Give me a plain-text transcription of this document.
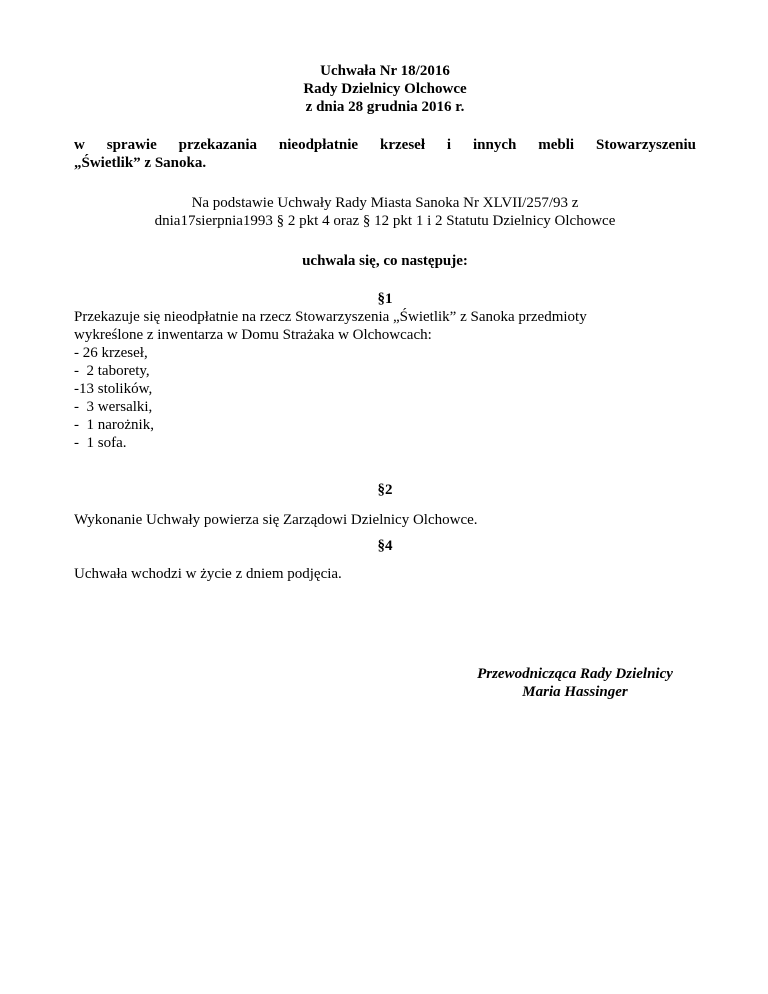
Uchwała Nr 18/2016
Rady Dzielnicy Olchowce
z dnia 28 grudnia 2016 r.
w sprawie przekazania nieodpłatnie krzeseł i innych mebli Stowarzyszeniu
„Świetlik” z Sanoka.
Na podstawie Uchwały Rady Miasta Sanoka Nr XLVII/257/93 z
dnia17sierpnia1993 § 2 pkt 4 oraz § 12 pkt 1 i 2 Statutu Dzielnicy Olchowce
uchwala się, co następuje:
§1
Przekazuje się nieodpłatnie na rzecz Stowarzyszenia „Świetlik” z Sanoka przedmioty
wykreślone z inwentarza w Domu Strażaka w Olchowcach:
- 26 krzeseł,
-  2 taborety,
-13 stolików,
-  3 wersalki,
-  1 narożnik,
-  1 sofa.
§2
Wykonanie Uchwały powierza się Zarządowi Dzielnicy Olchowce.
§4
Uchwała wchodzi w życie z dniem podjęcia.
Przewodnicząca Rady Dzielnicy
Maria Hassinger
